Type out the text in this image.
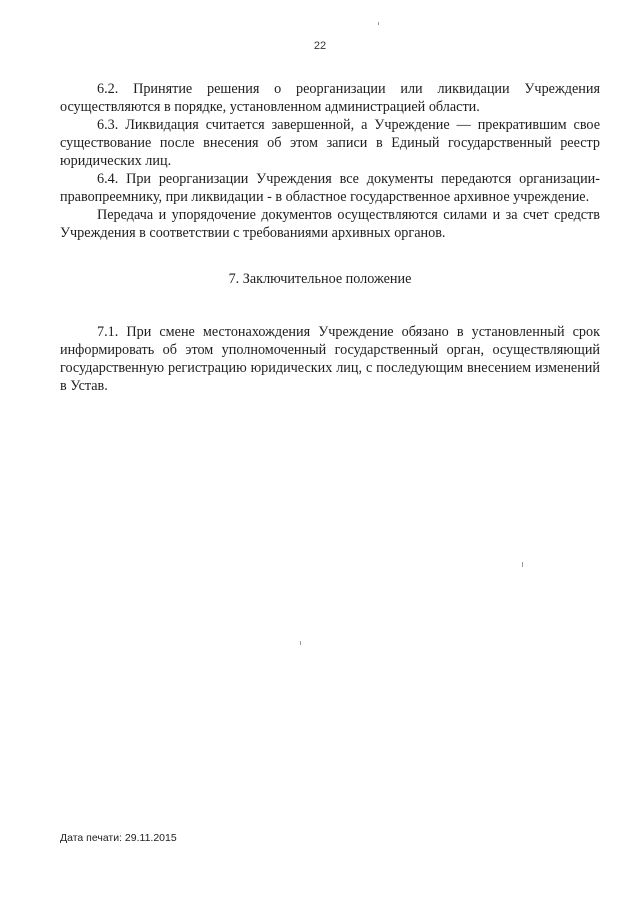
22

6.2. Принятие решения о реорганизации или ликвидации Учреждения осуществляются в порядке, установленном администрацией области.

6.3. Ликвидация считается завершенной, а Учреждение — прекратившим свое существование после внесения об этом записи в Единый государственный реестр юридических лиц.

6.4. При реорганизации Учреждения все документы передаются организации-правопреемнику, при ликвидации - в областное государственное архивное учреждение.

Передача и упорядочение документов осуществляются силами и за счет средств Учреждения в соответствии с требованиями архивных органов.

7. Заключительное положение

7.1. При смене местонахождения Учреждение обязано в установленный срок информировать об этом уполномоченный государственный орган, осуществляющий государственную регистрацию юридических лиц, с последующим внесением изменений в Устав.

Дата печати: 29.11.2015
